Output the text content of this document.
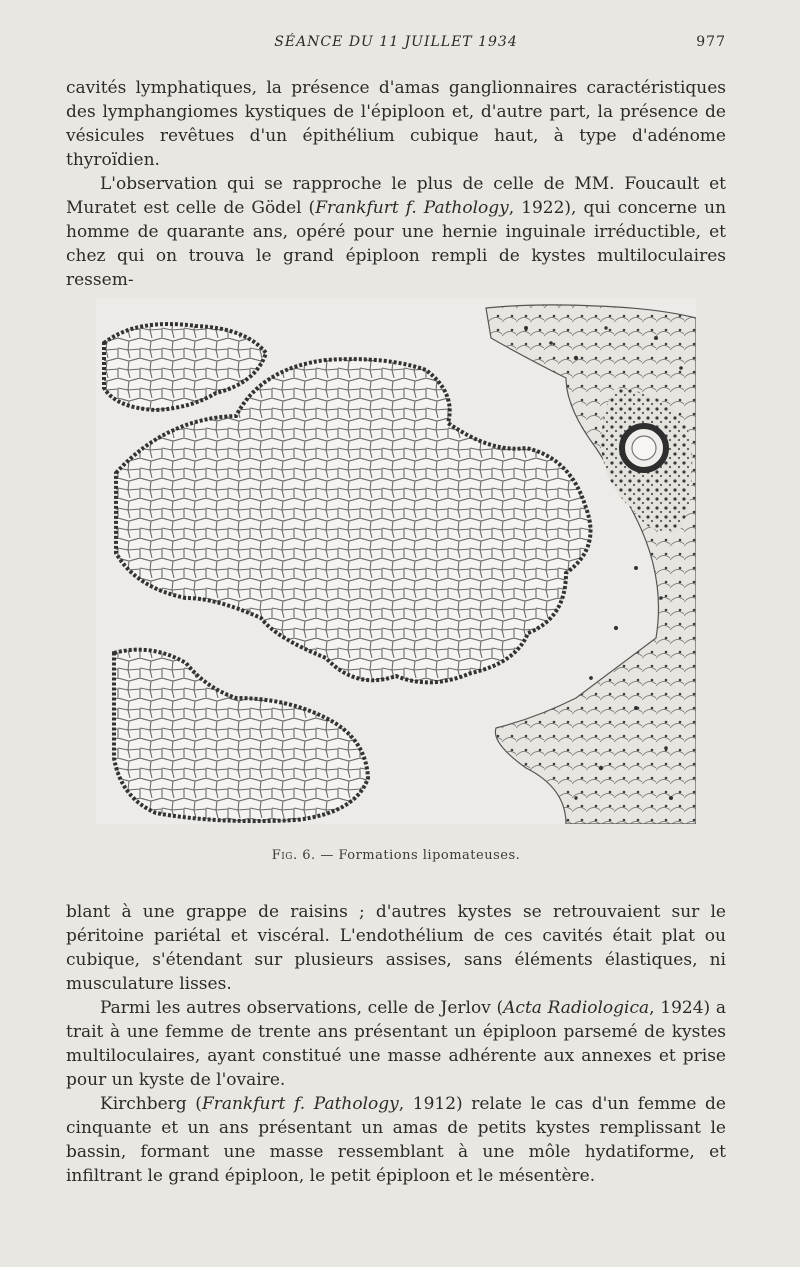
SÉANCE DU 11 JUILLET 1934	977

cavités lymphatiques, la présence d'amas ganglionnaires caractéristiques des lymphangiomes kystiques de l'épiploon et, d'autre part, la présence de vésicules revêtues d'un épithélium cubique haut, à type d'adénome thyroïdien.

L'observation qui se rapproche le plus de celle de MM. Foucault et Muratet est celle de Gödel (Frankfurt f. Pathology, 1922), qui concerne un homme de quarante ans, opéré pour une hernie inguinale irréductible, et chez qui on trouva le grand épiploon rempli de kystes multiloculaires ressem-

Fig. 6. — Formations lipomateuses.

blant à une grappe de raisins ; d'autres kystes se retrouvaient sur le péritoine pariétal et viscéral. L'endothélium de ces cavités était plat ou cubique, s'étendant sur plusieurs assises, sans éléments élastiques, ni musculature lisses.

Parmi les autres observations, celle de Jerlov (Acta Radiologica, 1924) a trait à une femme de trente ans présentant un épiploon parsemé de kystes multiloculaires, ayant constitué une masse adhérente aux annexes et prise pour un kyste de l'ovaire.

Kirchberg (Frankfurt f. Pathology, 1912) relate le cas d'un femme de cinquante et un ans présentant un amas de petits kystes remplissant le bassin, formant une masse ressemblant à une môle hydatiforme, et infiltrant le grand épiploon, le petit épiploon et le mésentère.
